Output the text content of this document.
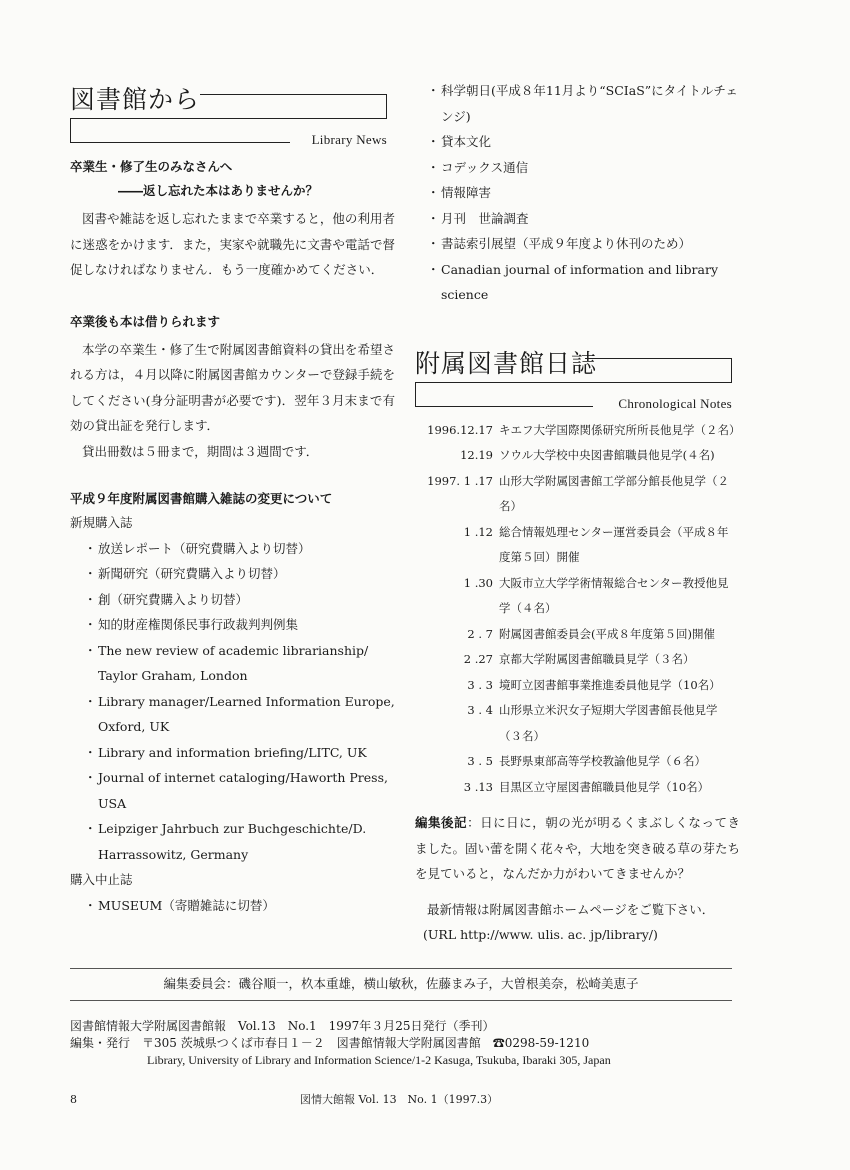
図書館から
Library News
卒業生・修了生のみなさんへ
――返し忘れた本はありませんか？
図書や雑誌を返し忘れたままで卒業すると，他の利用者に迷惑をかけます．また，実家や就職先に文書や電話で督促しなければなりません．もう一度確かめてください．
卒業後も本は借りられます
本学の卒業生・修了生で附属図書館資料の貸出を希望される方は，４月以降に附属図書館カウンターで登録手続をしてください(身分証明書が必要です)．翌年３月末まで有効の貸出証を発行します．
貸出冊数は５冊まで，期間は３週間です．
平成９年度附属図書館購入雑誌の変更について
新規購入誌
・ 放送レポート（研究費購入より切替）
・ 新聞研究（研究費購入より切替）
・ 創（研究費購入より切替）
・ 知的財産権関係民事行政裁判判例集
・ The new review of academic librarianship/ Taylor Graham, London
・ Library manager/Learned Information Europe, Oxford, UK
・ Library and information briefing/LITC, UK
・ Journal of internet cataloging/Haworth Press, USA
・ Leipziger Jahrbuch zur Buchgeschichte/D. Harrassowitz, Germany
購入中止誌
・ MUSEUM（寄贈雑誌に切替）
・ 科学朝日(平成８年11月より“SCIaS”にタイトルチェンジ)
・ 貸本文化
・ コデックス通信
・ 情報障害
・ 月刊　世論調査
・ 書誌索引展望（平成９年度より休刊のため）
・ Canadian journal of information and library science
附属図書館日誌
Chronological Notes
1996.12.17 キエフ大学国際関係研究所所長他見学（２名）
12.19 ソウル大学校中央図書館職員他見学(４名)
1997. 1 .17 山形大学附属図書館工学部分館長他見学（２名）
1 .12 総合情報処理センター運営委員会（平成８年度第５回）開催
1 .30 大阪市立大学学術情報総合センター教授他見学（４名）
2 . 7 附属図書館委員会(平成８年度第５回)開催
2 .27 京都大学附属図書館職員見学（３名）
3 . 3 境町立図書館事業推進委員他見学（10名）
3 . 4 山形県立米沢女子短期大学図書館長他見学（３名）
3 . 5 長野県東部高等学校教諭他見学（６名）
3 .13 目黒区立守屋図書館職員他見学（10名）
編集後記：日に日に，朝の光が明るくまぶしくなってきました。固い蕾を開く花々や，大地を突き破る草の芽たちを見ていると，なんだか力がわいてきませんか？
最新情報は附属図書館ホームページをご覧下さい．
(URL http://www. ulis. ac. jp/library/)
編集委員会：磯谷順一，杦本重雄，横山敏秋，佐藤まみ子，大曽根美奈，松崎美恵子
図書館情報大学附属図書館報　Vol.13　No.1　1997年３月25日発行（季刊）
編集・発行　 〒305 茨城県つくば市春日１－２　図書館情報大学附属図書館　☎0298-59-1210
Library, University of Library and Information Science/1-2 Kasuga, Tsukuba, Ibaraki 305, Japan
8	図情大館報 Vol. 13　No. 1（1997.3）
